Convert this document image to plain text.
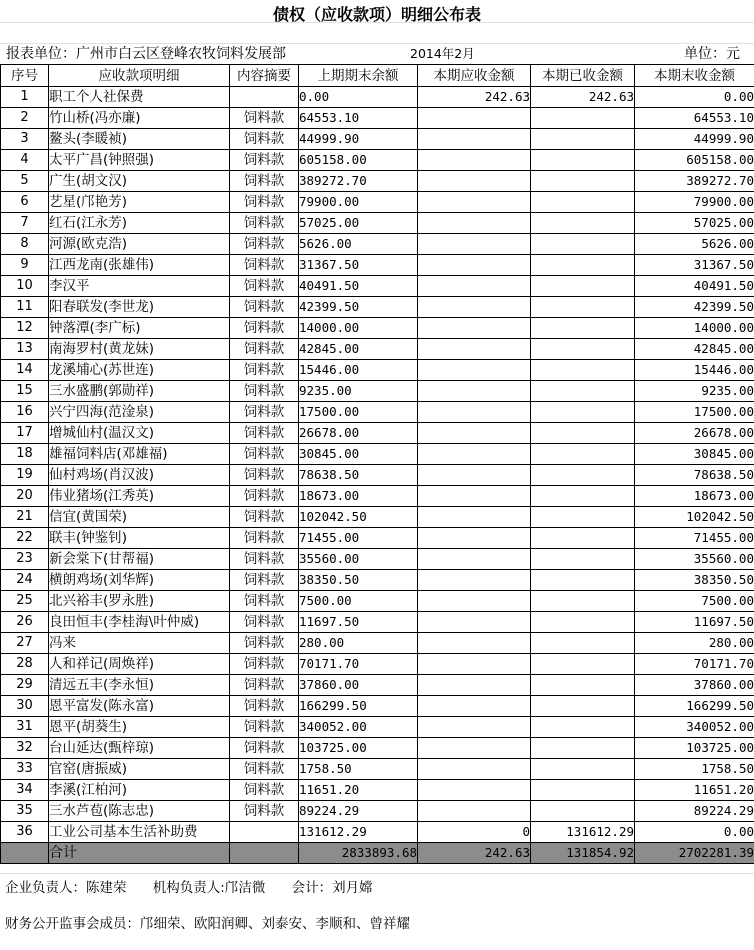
债权（应收款项）明细公布表
报表单位：广州市白云区登峰农牧饲料发展部	2014年2月	单位：元
序号	应收款项明细	内容摘要	上期期末余额	本期应收金额	本期已收金额	本期末收金额
1	职工个人社保费		0.00	242.63	242.63	0.00
2	竹山桥(冯亦廉)	饲料款	64553.10			64553.10
3	鳌头(李暖祯)	饲料款	44999.90			44999.90
4	太平广昌(钟照强)	饲料款	605158.00			605158.00
5	广生(胡文汉)	饲料款	389272.70			389272.70
6	艺星(邝艳芳)	饲料款	79900.00			79900.00
7	红石(江永芳)	饲料款	57025.00			57025.00
8	河源(欧克浩)	饲料款	5626.00			5626.00
9	江西龙南(张雄伟)	饲料款	31367.50			31367.50
10	李汉平	饲料款	40491.50			40491.50
11	阳春联发(李世龙)	饲料款	42399.50			42399.50
12	钟落潭(李广标)	饲料款	14000.00			14000.00
13	南海罗村(黄龙妹)	饲料款	42845.00			42845.00
14	龙溪埔心(苏世连)	饲料款	15446.00			15446.00
15	三水盛鹏(郭勋祥)	饲料款	9235.00			9235.00
16	兴宁四海(范淦泉)	饲料款	17500.00			17500.00
17	增城仙村(温汉文)	饲料款	26678.00			26678.00
18	雄福饲料店(邓雄福)	饲料款	30845.00			30845.00
19	仙村鸡场(肖汉波)	饲料款	78638.50			78638.50
20	伟业猪场(江秀英)	饲料款	18673.00			18673.00
21	信宜(黄国荣)	饲料款	102042.50			102042.50
22	联丰(钟鉴钊)	饲料款	71455.00			71455.00
23	新会棠下(甘帮福)	饲料款	35560.00			35560.00
24	横朗鸡场(刘华辉)	饲料款	38350.50			38350.50
25	北兴裕丰(罗永胜)	饲料款	7500.00			7500.00
26	良田恒丰(李桂海\叶仲威)	饲料款	11697.50			11697.50
27	冯来	饲料款	280.00			280.00
28	人和祥记(周焕祥)	饲料款	70171.70			70171.70
29	清远五丰(李永恒)	饲料款	37860.00			37860.00
30	恩平富发(陈永富)	饲料款	166299.50			166299.50
31	恩平(胡葵生)	饲料款	340052.00			340052.00
32	台山延达(甄梓琼)	饲料款	103725.00			103725.00
33	官窑(唐振威)	饲料款	1758.50			1758.50
34	李溪(江柏河)	饲料款	11651.20			11651.20
35	三水芦苞(陈志忠)	饲料款	89224.29			89224.29
36	工业公司基本生活补助费		131612.29	0	131612.29	0.00
	合计		2833893.68	242.63	131854.92	2702281.39
企业负责人：陈建荣 机构负责人:邝洁微 会计：刘月嫦
财务公开监事会成员：邝细荣、欧阳润卿、刘泰安、李顺和、曾祥耀
